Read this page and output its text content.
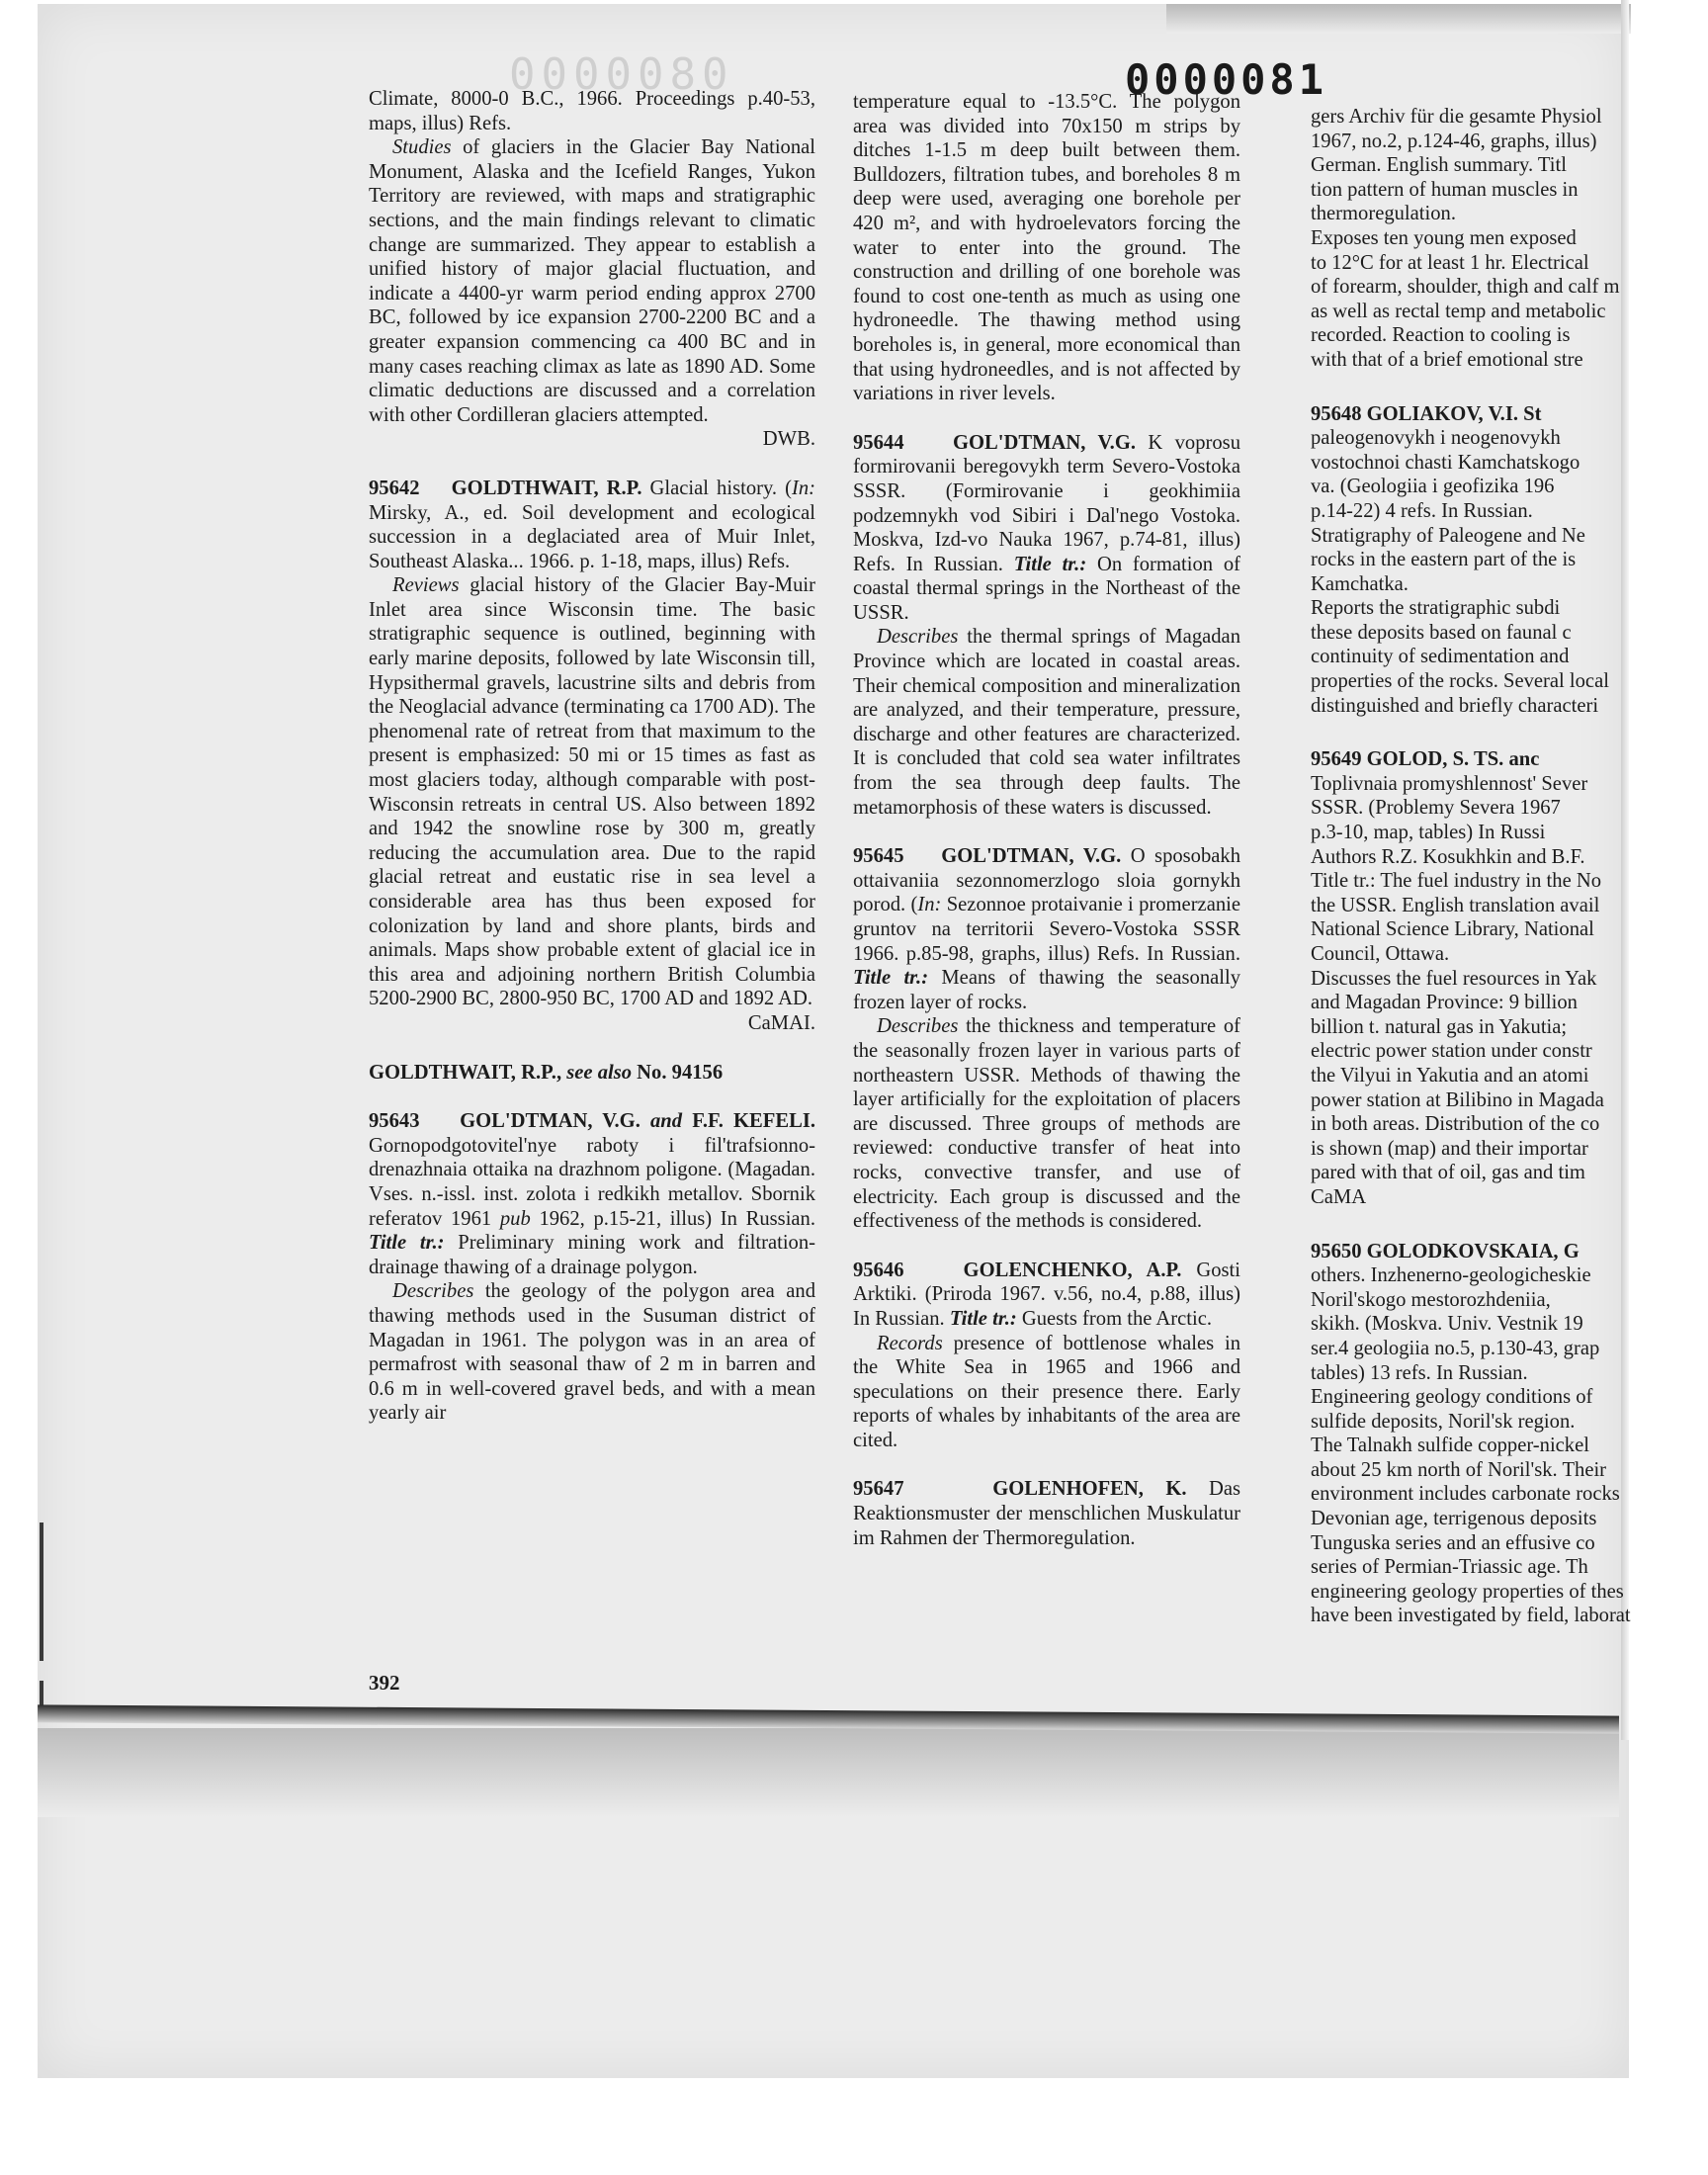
0000080	0000081

Climate, 8000-0 B.C., 1966. Proceedings p.40-53, maps, illus) Refs.

Studies of glaciers in the Glacier Bay National Monument, Alaska and the Icefield Ranges, Yukon Territory are reviewed, with maps and stratigraphic sections, and the main findings relevant to climatic change are summarized. They appear to establish a unified history of major glacial fluctuation, and indicate a 4400-yr warm period ending approx 2700 BC, followed by ice expansion 2700-2200 BC and a greater expansion commencing ca 400 BC and in many cases reaching climax as late as 1890 AD. Some climatic deductions are discussed and a correlation with other Cordilleran glaciers attempted.

DWB.

95642 GOLDTHWAIT, R.P. Glacial history. (In: Mirsky, A., ed. Soil development and ecological succession in a deglaciated area of Muir Inlet, Southeast Alaska... 1966. p. 1-18, maps, illus) Refs.

Reviews glacial history of the Glacier Bay-Muir Inlet area since Wisconsin time. The basic stratigraphic sequence is outlined, beginning with early marine deposits, followed by late Wisconsin till, Hypsithermal gravels, lacustrine silts and debris from the Neoglacial advance (terminating ca 1700 AD). The phenomenal rate of retreat from that maximum to the present is emphasized: 50 mi or 15 times as fast as most glaciers today, although comparable with post-Wisconsin retreats in central US. Also between 1892 and 1942 the snowline rose by 300 m, greatly reducing the accumulation area. Due to the rapid glacial retreat and eustatic rise in sea level a considerable area has thus been exposed for colonization by land and shore plants, birds and animals. Maps show probable extent of glacial ice in this area and adjoining northern British Columbia 5200-2900 BC, 2800-950 BC, 1700 AD and 1892 AD.

CaMAI.

GOLDTHWAIT, R.P., see also No. 94156

95643 GOL'DTMAN, V.G. and F.F. KEFELI. Gornopodgotovitel'nye raboty i fil'trafsionno-drenazhnaia ottaika na drazhnom poligone. (Magadan. Vses. n.-issl. inst. zolota i redkikh metallov. Sbornik referatov 1961 pub 1962, p.15-21, illus) In Russian. Title tr.: Preliminary mining work and filtration-drainage thawing of a drainage polygon.

Describes the geology of the polygon area and thawing methods used in the Susuman district of Magadan in 1961. The polygon was in an area of permafrost with seasonal thaw of 2 m in barren and 0.6 m in well-covered gravel beds, and with a mean yearly air

temperature equal to -13.5°C. The polygon area was divided into 70x150 m strips by ditches 1-1.5 m deep built between them. Bulldozers, filtration tubes, and boreholes 8 m deep were used, averaging one borehole per 420 m², and with hydroelevators forcing the water to enter into the ground. The construction and drilling of one borehole was found to cost one-tenth as much as using one hydroneedle. The thawing method using boreholes is, in general, more economical than that using hydroneedles, and is not affected by variations in river levels.

95644 GOL'DTMAN, V.G. K voprosu formirovanii beregovykh term Severo-Vostoka SSSR. (Formirovanie i geokhimiia podzemnykh vod Sibiri i Dal'nego Vostoka. Moskva, Izd-vo Nauka 1967, p.74-81, illus) Refs. In Russian. Title tr.: On formation of coastal thermal springs in the Northeast of the USSR.

Describes the thermal springs of Magadan Province which are located in coastal areas. Their chemical composition and mineralization are analyzed, and their temperature, pressure, discharge and other features are characterized. It is concluded that cold sea water infiltrates from the sea through deep faults. The metamorphosis of these waters is discussed.

95645 GOL'DTMAN, V.G. O sposobakh ottaivaniia sezonnomerzlogo sloia gornykh porod. (In: Sezonnoe protaivanie i promerzanie gruntov na territorii Severo-Vostoka SSSR 1966. p.85-98, graphs, illus) Refs. In Russian. Title tr.: Means of thawing the seasonally frozen layer of rocks.

Describes the thickness and temperature of the seasonally frozen layer in various parts of northeastern USSR. Methods of thawing the layer artificially for the exploitation of placers are discussed. Three groups of methods are reviewed: conductive transfer of heat into rocks, convective transfer, and use of electricity. Each group is discussed and the effectiveness of the methods is considered.

95646	GOLENCHENKO, A.P. Gosti Arktiki. (Priroda 1967. v.56, no.4, p.88, illus) In Russian. Title tr.: Guests from the Arctic.

Records presence of bottlenose whales in the White Sea in 1965 and 1966 and speculations on their presence there. Early reports of whales by inhabitants of the area are cited.

95647	GOLENHOFEN, K. Das Reaktionsmuster der menschlichen Muskulatur im Rahmen der Thermoregulation.

gers Archiv für die gesamte Physiol

1967, no.2, p.124-46, graphs, illus)

German. English summary. Titl

tion pattern of human muscles in

thermoregulation.

Exposes ten young men exposed

to 12°C for at least 1 hr. Electrical

of forearm, shoulder, thigh and calf m

as well as rectal temp and metabolic

recorded. Reaction to cooling is

with that of a brief emotional stre

95648 GOLIAKOV, V.I. St

paleogenovykh i neogenovykh

vostochnoi chasti Kamchatskogo

va. (Geologiia i geofizika 196

p.14-22) 4 refs. In Russian.

Stratigraphy of Paleogene and Ne

rocks in the eastern part of the is

Kamchatka.

Reports the stratigraphic subdi

these deposits based on faunal c

continuity of sedimentation and

properties of the rocks. Several local

distinguished and briefly characteri

95649 GOLOD, S. TS. anc

Toplivnaia promyshlennost' Sever

SSSR. (Problemy Severa 1967

p.3-10, map, tables) In Russi

Authors R.Z. Kosukhkin and B.F.

Title tr.: The fuel industry in the No

the USSR. English translation avail

National Science Library, National

Council, Ottawa.

Discusses the fuel resources in Yak

and Magadan Province: 9 billion

billion t. natural gas in Yakutia;

electric power station under constr

the Vilyui in Yakutia and an atomi

power station at Bilibino in Magada

in both areas. Distribution of the co

is shown (map) and their importar

pared with that of oil, gas and tim

CaMA

95650 GOLODKOVSKAIA, G

others. Inzhenerno-geologicheskie

Noril'skogo mestorozhdeniia,

skikh. (Moskva. Univ. Vestnik 19

ser.4 geologiia no.5, p.130-43, grap

tables) 13 refs. In Russian.

Engineering geology conditions of

sulfide deposits, Noril'sk region.

The Talnakh sulfide copper-nickel

about 25 km north of Noril'sk. Their

environment includes carbonate rocks

Devonian age, terrigenous deposits

Tunguska series and an effusive co

series of Permian-Triassic age. Th

engineering geology properties of thes

have been investigated by field, laborat

392
